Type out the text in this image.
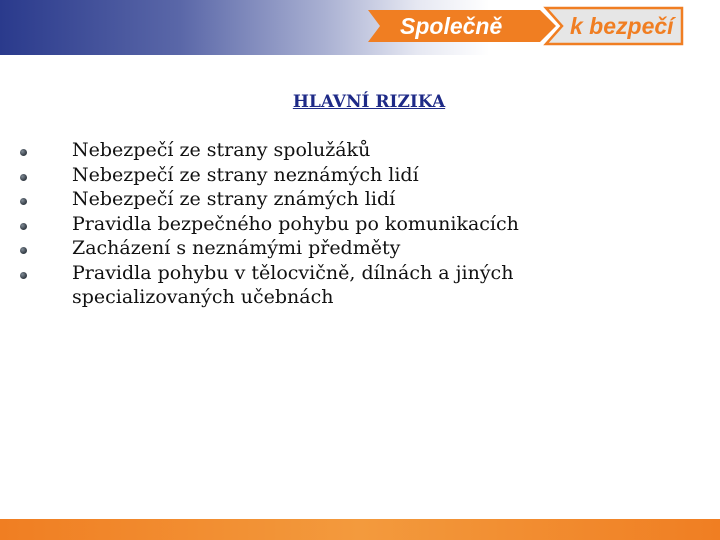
Společně	k bezpečí
HLAVNÍ RIZIKA
Nebezpečí ze strany spolužáků
Nebezpečí ze strany neznámých lidí
Nebezpečí ze strany známých lidí
Pravidla bezpečného pohybu po komunikacích
Zacházení s neznámými předměty
Pravidla pohybu v tělocvičně, dílnách a jiných specializovaných učebnách
